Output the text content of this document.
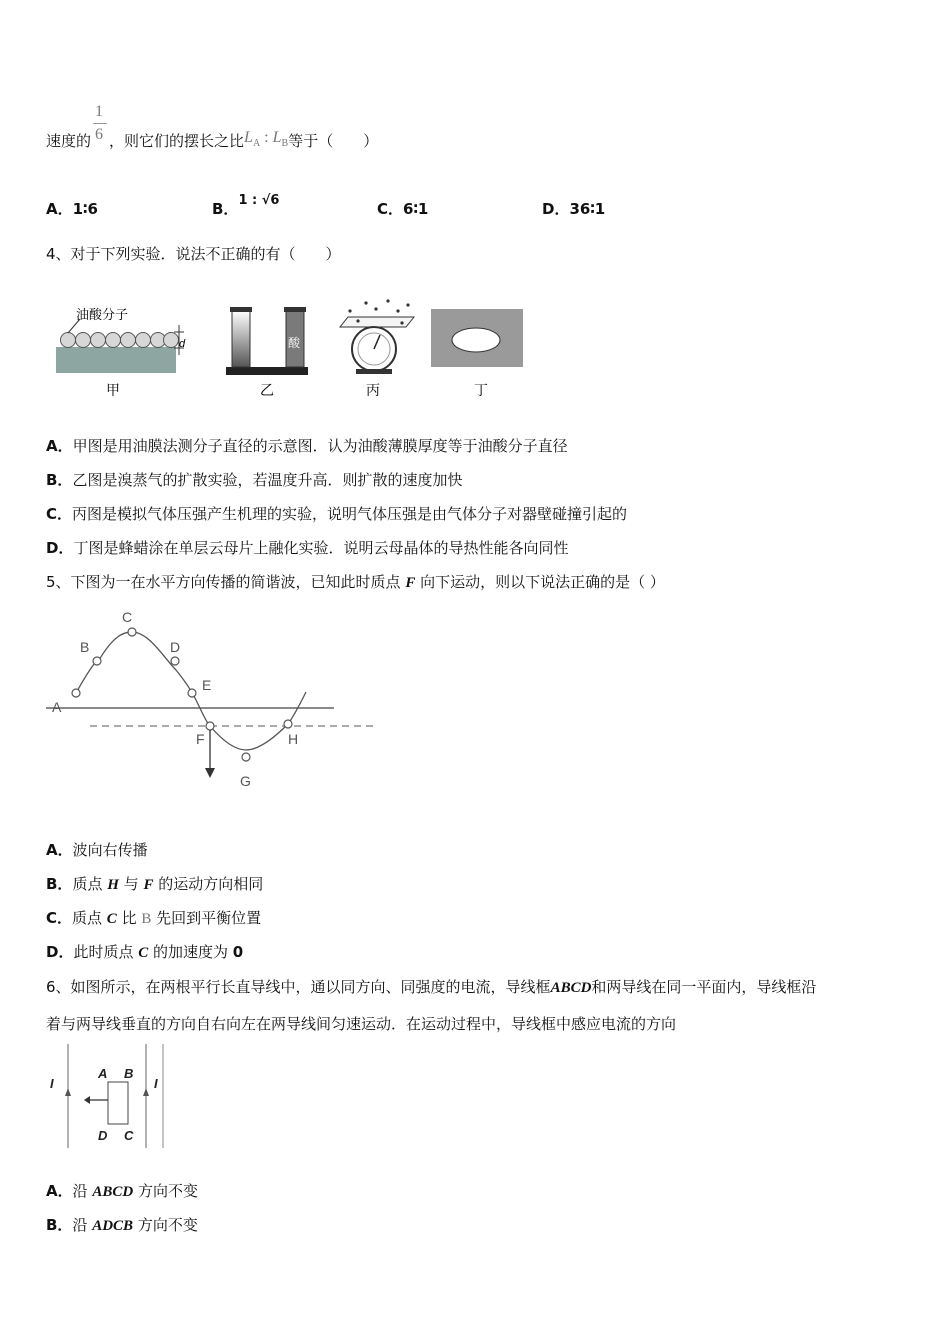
速度的 $\frac{1}{6}$ ，则它们的摆长之比$L_A$ : $L_B$等于（　　）
A．1∶6	B．1 : √6	C．6∶1	D．36∶1
4、对于下列实验．说法不正确的有（　　）
油酸分子
d
甲
酸
乙	丙	丁
A．甲图是用油膜法测分子直径的示意图．认为油酸薄膜厚度等于油酸分子直径
B．乙图是溴蒸气的扩散实验，若温度升高．则扩散的速度加快
C．丙图是模拟气体压强产生机理的实验，说明气体压强是由气体分子对器壁碰撞引起的
D．丁图是蜂蜡涂在单层云母片上融化实验．说明云母晶体的导热性能各向同性
5、下图为一在水平方向传播的简谐波，已知此时质点 F 向下运动，则以下说法正确的是（ ）
A
B
C
D
E
F
G
H
A．波向右传播
B．质点 H 与 F 的运动方向相同
C．质点 C 比 B 先回到平衡位置
D．此时质点 C 的加速度为 0
6、如图所示，在两根平行长直导线中，通以同方向、同强度的电流，导线框ABCD和两导线在同一平面内，导线框沿
着与两导线垂直的方向自右向左在两导线间匀速运动．在运动过程中，导线框中感应电流的方向
I	I
A B
D C
A．沿 ABCD 方向不变
B．沿 ADCB 方向不变
